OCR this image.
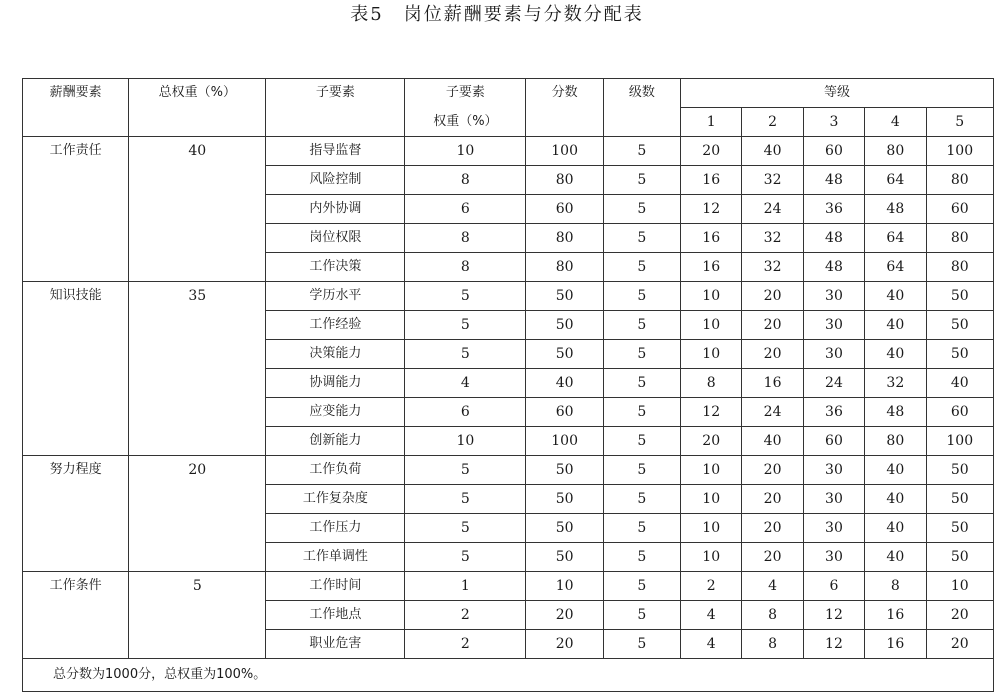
表5　岗位薪酬要素与分数分配表
薪酬要素	总权重（%）	子要素	子要素	分数	级数	等级				
			权重（%）			1	2	3	4	5
工作责任	40	指导监督	10	100	5	20	40	60	80	100
		风险控制	8	80	5	16	32	48	64	80
		内外协调	6	60	5	12	24	36	48	60
		岗位权限	8	80	5	16	32	48	64	80
		工作决策	8	80	5	16	32	48	64	80
知识技能	35	学历水平	5	50	5	10	20	30	40	50
		工作经验	5	50	5	10	20	30	40	50
		决策能力	5	50	5	10	20	30	40	50
		协调能力	4	40	5	8	16	24	32	40
		应变能力	6	60	5	12	24	36	48	60
		创新能力	10	100	5	20	40	60	80	100
努力程度	20	工作负荷	5	50	5	10	20	30	40	50
		工作复杂度	5	50	5	10	20	30	40	50
		工作压力	5	50	5	10	20	30	40	50
		工作单调性	5	50	5	10	20	30	40	50
工作条件	5	工作时间	1	10	5	2	4	6	8	10
		工作地点	2	20	5	4	8	12	16	20
		职业危害	2	20	5	4	8	12	16	20
总分数为1000分，总权重为100%。										
